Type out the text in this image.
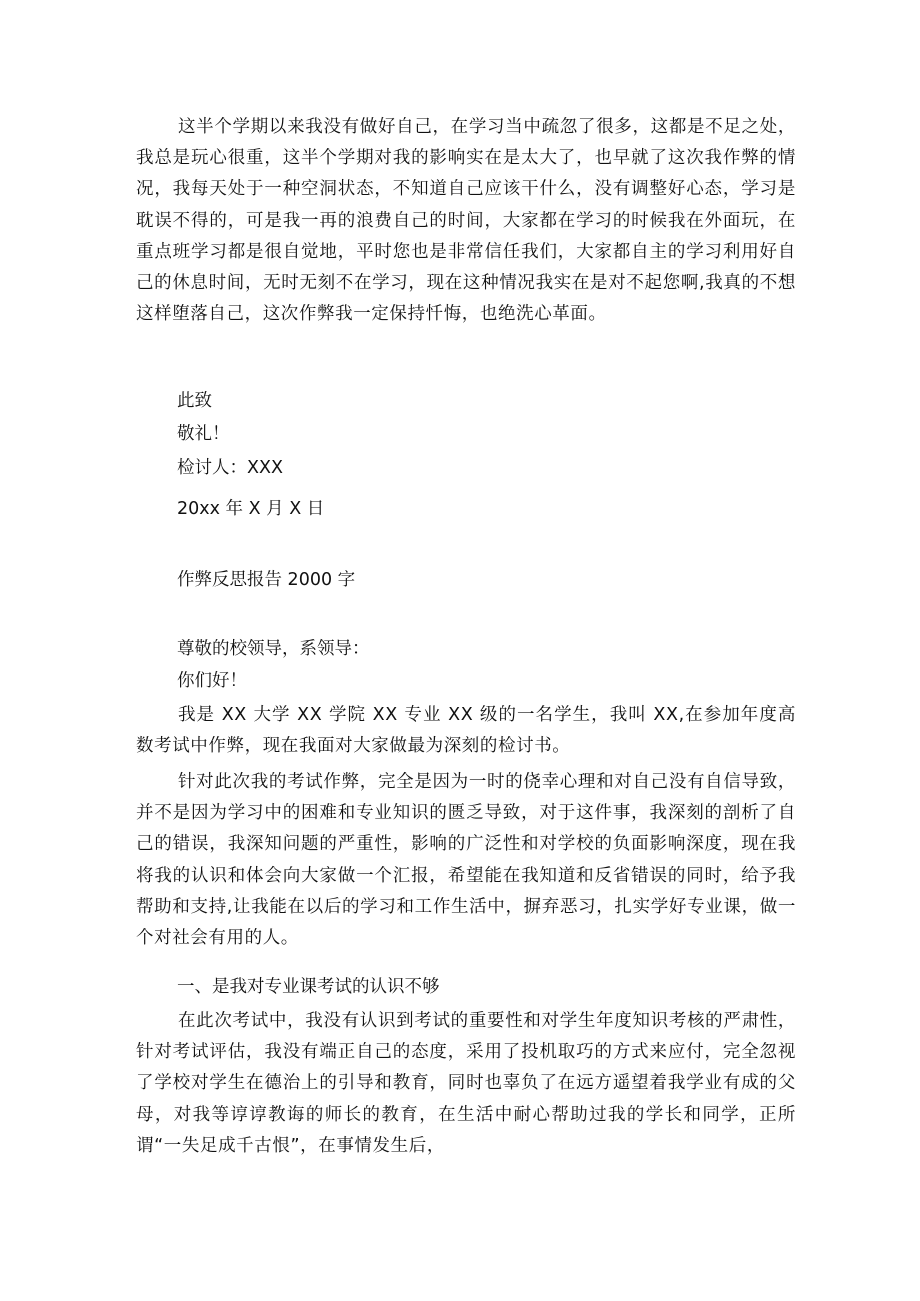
这半个学期以来我没有做好自己，在学习当中疏忽了很多，这都是不足之处，我总是玩心很重，这半个学期对我的影响实在是太大了，也早就了这次我作弊的情况，我每天处于一种空洞状态，不知道自己应该干什么，没有调整好心态，学习是耽误不得的，可是我一再的浪费自己的时间，大家都在学习的时候我在外面玩，在重点班学习都是很自觉地，平时您也是非常信任我们，大家都自主的学习利用好自己的休息时间，无时无刻不在学习，现在这种情况我实在是对不起您啊,我真的不想这样堕落自己，这次作弊我一定保持忏悔，也绝洗心革面。

此致

敬礼！

检讨人：XXX

20xx 年 X 月 X 日

作弊反思报告 2000 字

尊敬的校领导，系领导：

你们好！

我是 XX 大学 XX 学院 XX 专业 XX 级的一名学生，我叫 XX,在参加年度高数考试中作弊，现在我面对大家做最为深刻的检讨书。

针对此次我的考试作弊，完全是因为一时的侥幸心理和对自己没有自信导致，并不是因为学习中的困难和专业知识的匮乏导致，对于这件事，我深刻的剖析了自己的错误，我深知问题的严重性，影响的广泛性和对学校的负面影响深度，现在我将我的认识和体会向大家做一个汇报，希望能在我知道和反省错误的同时，给予我帮助和支持,让我能在以后的学习和工作生活中，摒弃恶习，扎实学好专业课，做一个对社会有用的人。

一、是我对专业课考试的认识不够

在此次考试中，我没有认识到考试的重要性和对学生年度知识考核的严肃性，针对考试评估，我没有端正自己的态度，采用了投机取巧的方式来应付，完全忽视了学校对学生在德治上的引导和教育，同时也辜负了在远方遥望着我学业有成的父母，对我等谆谆教诲的师长的教育，在生活中耐心帮助过我的学长和同学，正所谓“一失足成千古恨”，在事情发生后，
